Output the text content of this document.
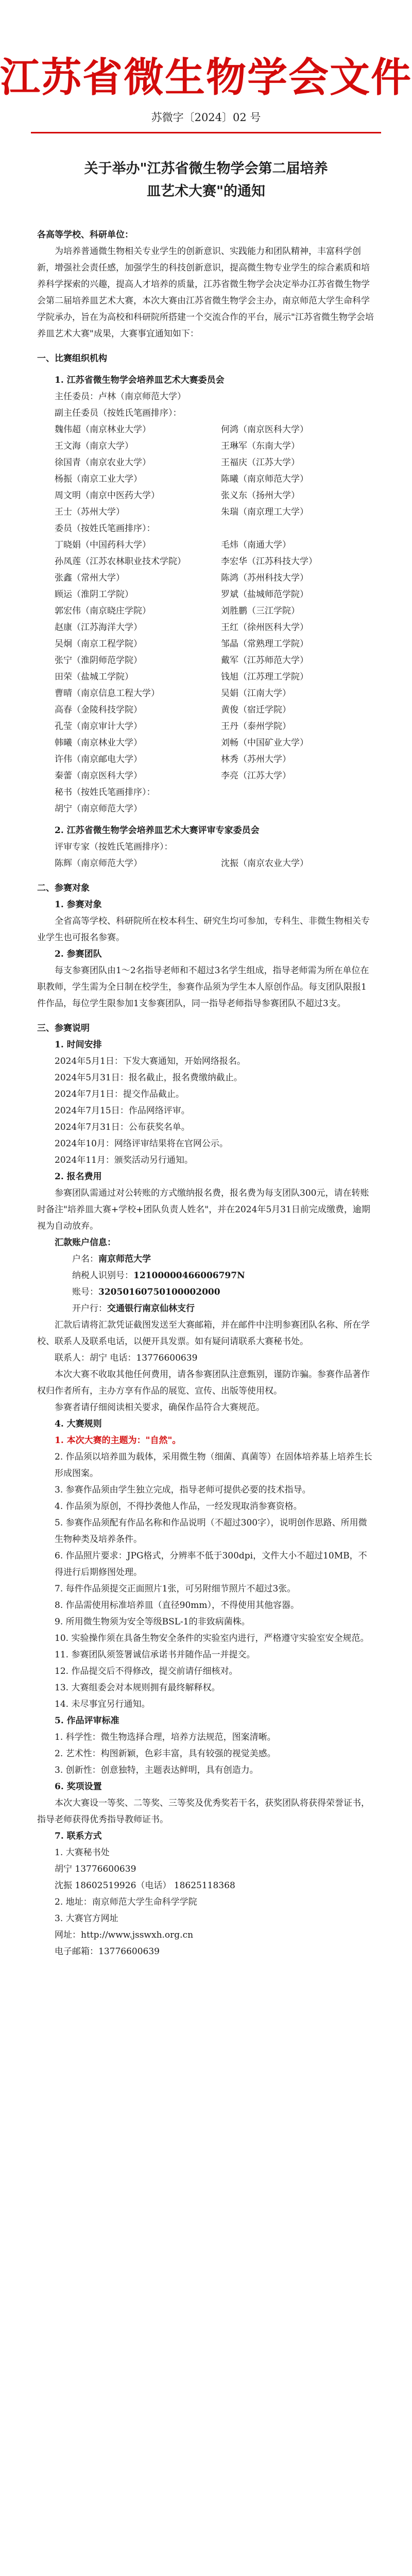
江苏省微生物学会文件
苏微字〔2024〕02 号
关于举办"江苏省微生物学会第二届培养
皿艺术大赛"的通知

各高等学校、科研单位：

为培养普通微生物相关专业学生的创新意识、实践能力和团队精神，丰富科学创新，增强社会责任感，加强学生的科技创新意识，提高微生物专业学生的综合素质和培养科学探索的兴趣，提高人才培养的质量，江苏省微生物学会决定举办江苏省微生物学会第二届培养皿艺术大赛，本次大赛由江苏省微生物学会主办，南京师范大学生命科学学院承办，旨在为高校和科研院所搭建一个交流合作的平台，展示"江苏省微生物学会培养皿艺术大赛"成果，大赛事宜通知如下：

一、比赛组织机构

1. 江苏省微生物学会培养皿艺术大赛委员会

主任委员：卢林（南京师范大学）

副主任委员（按姓氏笔画排序）：

魏伟超（南京林业大学）	何鸿（南京医科大学）
王文海（南京大学）	王琳军（东南大学）
徐国青（南京农业大学）	王福庆（江苏大学）
杨振（南京工业大学）	陈曦（南京师范大学）
周文明（南京中医药大学）	张义东（扬州大学）
王士（苏州大学）	朱瑞（南京理工大学）

委员（按姓氏笔画排序）：

丁晓娟（中国药科大学）	毛炜（南通大学）
孙凤莲（江苏农林职业技术学院）	李宏华（江苏科技大学）
张鑫（常州大学）	陈鸿（苏州科技大学）
顾运（淮阴工学院）	罗斌（盐城师范学院）
郭宏伟（南京晓庄学院）	刘胜鹏（三江学院）
赵康（江苏海洋大学）	王红（徐州医科大学）
吴炯（南京工程学院）	邹晶（常熟理工学院）
张宁（淮阴师范学院）	戴军（江苏师范大学）
田荣（盐城工学院）	钱旭（江苏理工学院）
曹晴（南京信息工程大学）	吴娟（江南大学）
高春（金陵科技学院）	黄俊（宿迁学院）
孔莹（南京审计大学）	王丹（泰州学院）
韩曦（南京林业大学）	刘畅（中国矿业大学）
许伟（南京邮电大学）	林秀（苏州大学）
秦蕾（南京医科大学）	李亮（江苏大学）

秘书（按姓氏笔画排序）：

胡宁（南京师范大学）

2. 江苏省微生物学会培养皿艺术大赛评审专家委员会

评审专家（按姓氏笔画排序）：

陈辉（南京师范大学）	沈振（南京农业大学）

二、参赛对象

1. 参赛对象

全省高等学校、科研院所在校本科生、研究生均可参加，专科生、非微生物相关专业学生也可报名参赛。

2. 参赛团队

每支参赛团队由1～2名指导老师和不超过3名学生组成，指导老师需为所在单位在职教师，学生需为全日制在校学生，参赛作品须为学生本人原创作品。每支团队限报1件作品，每位学生限参加1支参赛团队，同一指导老师指导参赛团队不超过3支。

三、参赛说明

1. 时间安排

2024年5月1日：下发大赛通知，开始网络报名。

2024年5月31日：报名截止，报名费缴纳截止。

2024年7月1日：提交作品截止。

2024年7月15日：作品网络评审。

2024年7月31日：公布获奖名单。

2024年10月：网络评审结果将在官网公示。

2024年11月：颁奖活动另行通知。

2. 报名费用

参赛团队需通过对公转账的方式缴纳报名费，报名费为每支团队300元，请在转账时备注"培养皿大赛+学校+团队负责人姓名"，并在2024年5月31日前完成缴费，逾期视为自动放弃。

汇款账户信息：

户名：南京师范大学

纳税人识别号：12100000466006797N

账号：32050160750100002000

开户行：交通银行南京仙林支行

汇款后请将汇款凭证截图发送至大赛邮箱，并在邮件中注明参赛团队名称、所在学校、联系人及联系电话，以便开具发票。如有疑问请联系大赛秘书处。

联系人：胡宁 电话：13776600639

本次大赛不收取其他任何费用，请各参赛团队注意甄别，谨防诈骗。参赛作品著作权归作者所有，主办方享有作品的展览、宣传、出版等使用权。

参赛者请仔细阅读相关要求，确保作品符合大赛规范。

4. 大赛规则

1. 本次大赛的主题为："自然"。

2. 作品须以培养皿为载体，采用微生物（细菌、真菌等）在固体培养基上培养生长形成图案。

3. 参赛作品须由学生独立完成，指导老师可提供必要的技术指导。

4. 作品须为原创，不得抄袭他人作品，一经发现取消参赛资格。

5. 参赛作品须配有作品名称和作品说明（不超过300字），说明创作思路、所用微生物种类及培养条件。

6. 作品照片要求：JPG格式，分辨率不低于300dpi，文件大小不超过10MB，不得进行后期修图处理。

7. 每件作品须提交正面照片1张，可另附细节照片不超过3张。

8. 作品需使用标准培养皿（直径90mm），不得使用其他容器。

9. 所用微生物须为安全等级BSL-1的非致病菌株。

10. 实验操作须在具备生物安全条件的实验室内进行，严格遵守实验室安全规范。

11. 参赛团队须签署诚信承诺书并随作品一并提交。

12. 作品提交后不得修改，提交前请仔细核对。

13. 大赛组委会对本规则拥有最终解释权。

14. 未尽事宜另行通知。

5. 作品评审标准

1. 科学性：微生物选择合理，培养方法规范，图案清晰。

2. 艺术性：构图新颖，色彩丰富，具有较强的视觉美感。

3. 创新性：创意独特，主题表达鲜明，具有创造力。

6. 奖项设置

本次大赛设一等奖、二等奖、三等奖及优秀奖若干名，获奖团队将获得荣誉证书，指导老师获得优秀指导教师证书。

7. 联系方式

1. 大赛秘书处

胡宁 13776600639

沈振 18602519926（电话） 18625118368

2. 地址：南京师范大学生命科学学院

3. 大赛官方网址

网址：http://www.jsswxh.org.cn

电子邮箱：13776600639
